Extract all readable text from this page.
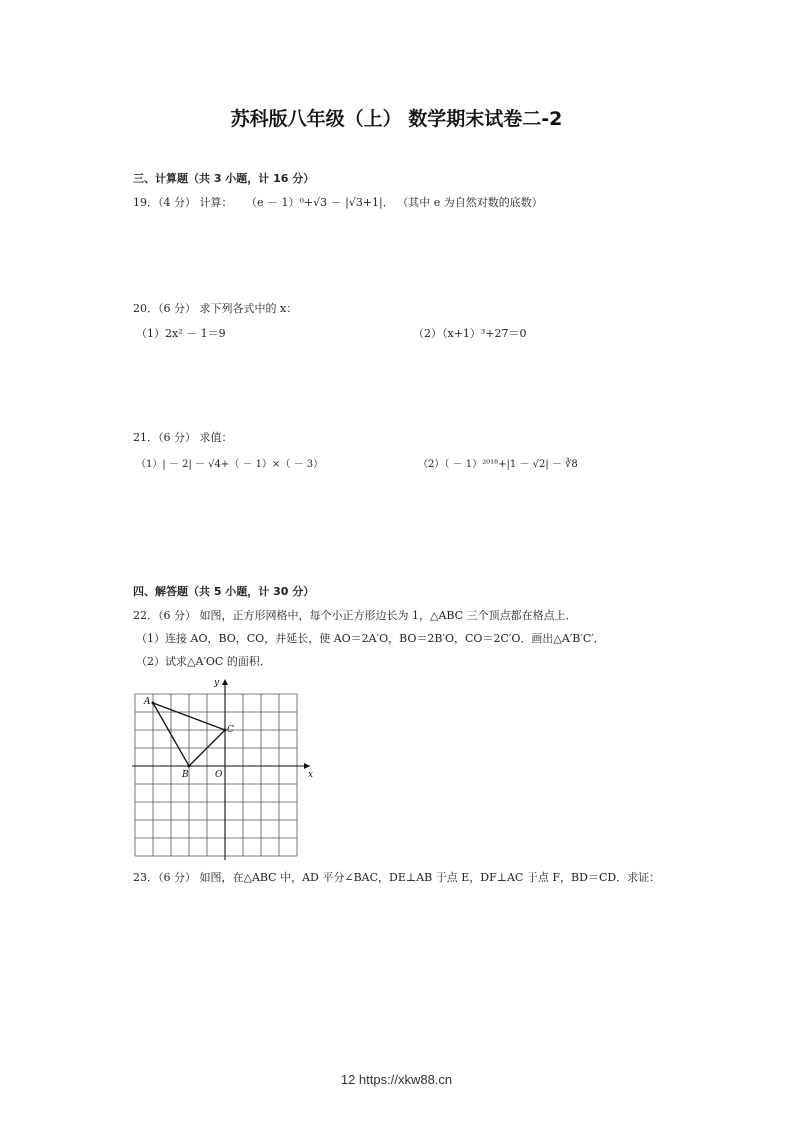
苏科版八年级（上） 数学期末试卷二-2
三、计算题（共 3 小题，计 16 分）
19．（4 分） 计算： （e － 1）⁰+√3 － |√3+1|． （其中 e 为自然对数的底数）
20．（6 分） 求下列各式中的 x：
（1）2x² － 1＝9	（2）（x+1）³+27＝0
21．（6 分） 求值：
（1）| － 2| － √4+（ － 1）×（ － 3）	（2）（ － 1）²⁰¹⁸+|1 － √2| － ∛8
四、解答题（共 5 小题，计 30 分）
22．（6 分） 如图，正方形网格中，每个小正方形边长为 1，△ABC 三个顶点都在格点上．
（1）连接 AO，BO，CO，并延长，使 AO＝2A′O，BO＝2B′O，CO＝2C′O．画出△A′B′C′．
（2）试求△A′OC 的面积．
A
B
C
O	x
y
23．（6 分） 如图，在△ABC 中，AD 平分∠BAC，DE⊥AB 于点 E，DF⊥AC 于点 F，BD＝CD．求证：
12 https://xkw88.cn
